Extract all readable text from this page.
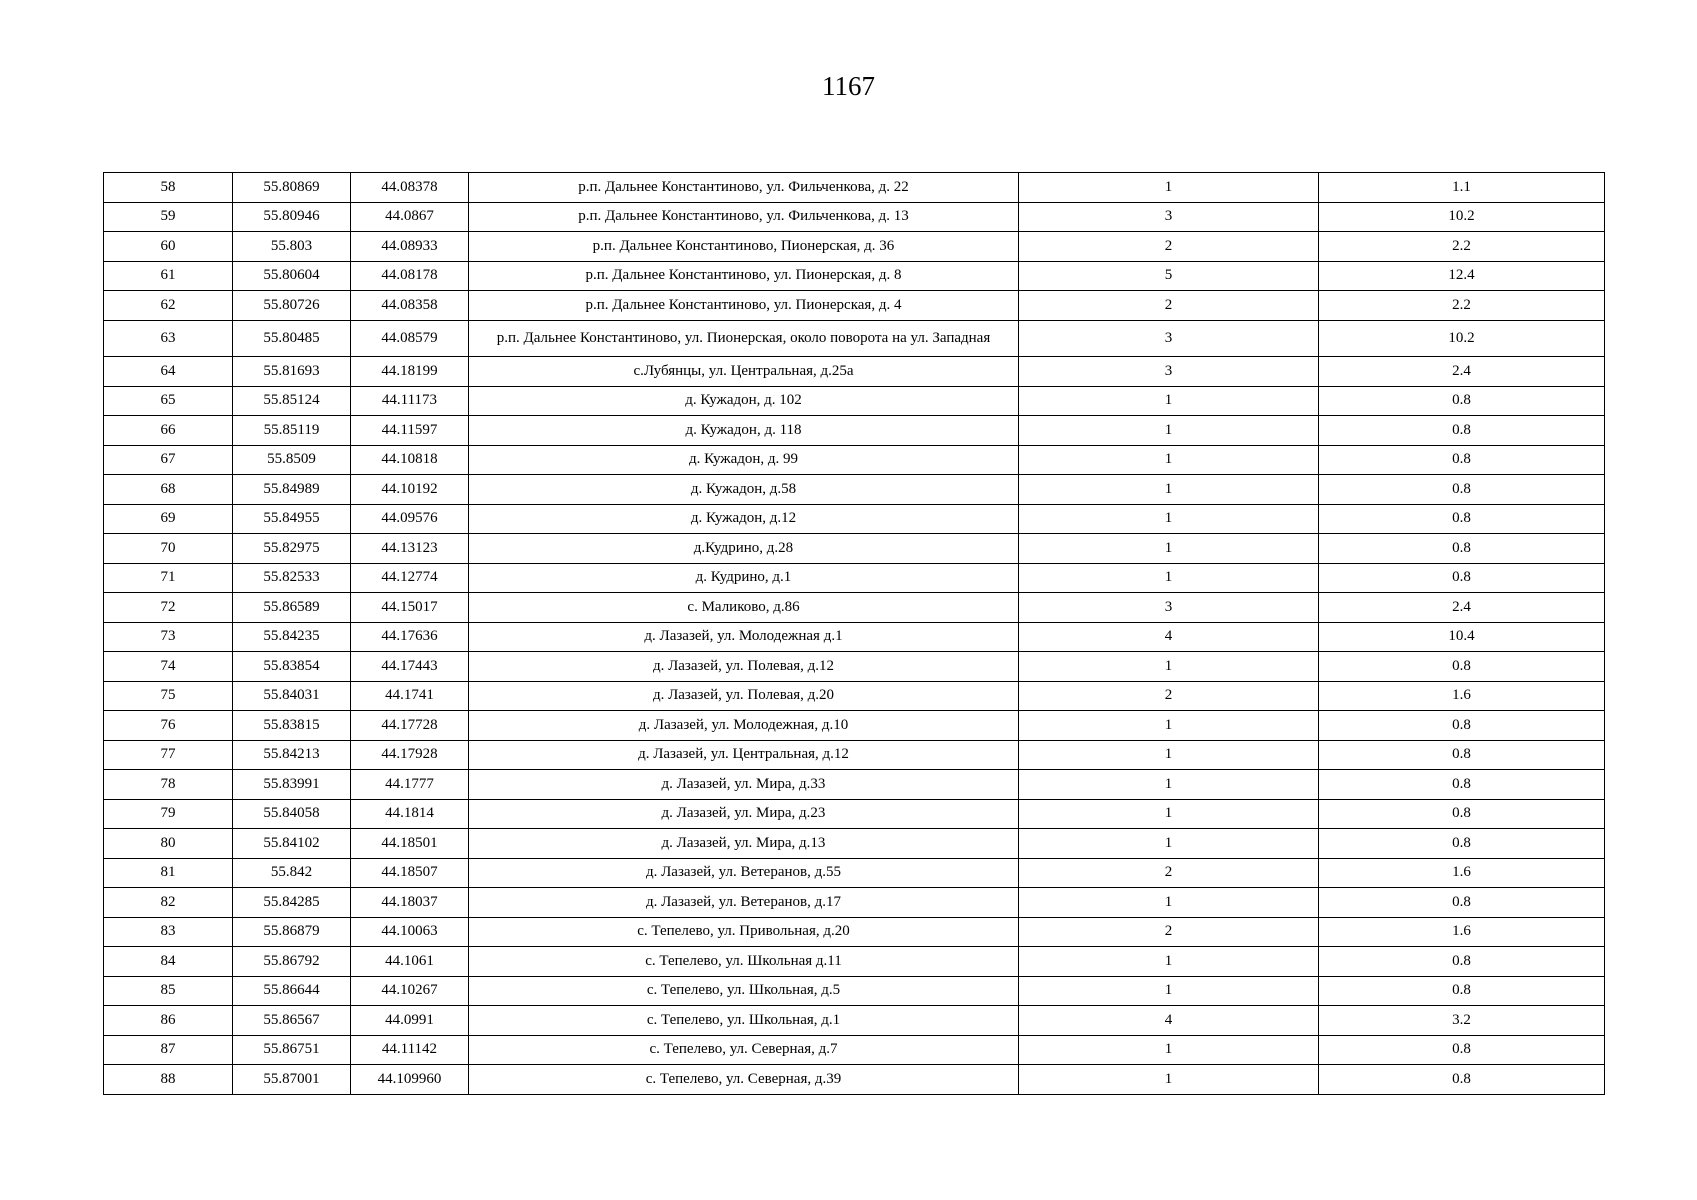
1167
58	55.80869	44.08378	р.п. Дальнее Константиново, ул. Фильченкова, д. 22	1	1.1
59	55.80946	44.0867	р.п. Дальнее Константиново, ул. Фильченкова, д. 13	3	10.2
60	55.803	44.08933	р.п. Дальнее Константиново, Пионерская, д. 36	2	2.2
61	55.80604	44.08178	р.п. Дальнее Константиново, ул. Пионерская, д. 8	5	12.4
62	55.80726	44.08358	р.п. Дальнее Константиново, ул. Пионерская, д. 4	2	2.2
63	55.80485	44.08579	р.п. Дальнее Константиново, ул. Пионерская, около поворота на ул. Западная	3	10.2
64	55.81693	44.18199	с.Лубянцы, ул. Центральная, д.25а	3	2.4
65	55.85124	44.11173	д. Кужадон, д. 102	1	0.8
66	55.85119	44.11597	д. Кужадон, д. 118	1	0.8
67	55.8509	44.10818	д. Кужадон, д. 99	1	0.8
68	55.84989	44.10192	д. Кужадон, д.58	1	0.8
69	55.84955	44.09576	д. Кужадон, д.12	1	0.8
70	55.82975	44.13123	д.Кудрино, д.28	1	0.8
71	55.82533	44.12774	д. Кудрино, д.1	1	0.8
72	55.86589	44.15017	с. Маликово, д.86	3	2.4
73	55.84235	44.17636	д. Лазазей, ул. Молодежная д.1	4	10.4
74	55.83854	44.17443	д. Лазазей, ул. Полевая, д.12	1	0.8
75	55.84031	44.1741	д. Лазазей, ул. Полевая, д.20	2	1.6
76	55.83815	44.17728	д. Лазазей, ул. Молодежная, д.10	1	0.8
77	55.84213	44.17928	д. Лазазей, ул. Центральная, д.12	1	0.8
78	55.83991	44.1777	д. Лазазей, ул. Мира, д.33	1	0.8
79	55.84058	44.1814	д. Лазазей, ул. Мира, д.23	1	0.8
80	55.84102	44.18501	д. Лазазей, ул. Мира, д.13	1	0.8
81	55.842	44.18507	д. Лазазей, ул. Ветеранов, д.55	2	1.6
82	55.84285	44.18037	д. Лазазей, ул. Ветеранов, д.17	1	0.8
83	55.86879	44.10063	с. Тепелево, ул. Привольная, д.20	2	1.6
84	55.86792	44.1061	с. Тепелево, ул. Школьная д.11	1	0.8
85	55.86644	44.10267	с. Тепелево, ул. Школьная, д.5	1	0.8
86	55.86567	44.0991	с. Тепелево, ул. Школьная, д.1	4	3.2
87	55.86751	44.11142	с. Тепелево, ул. Северная, д.7	1	0.8
88	55.87001	44.109960	с. Тепелево, ул. Северная, д.39	1	0.8
